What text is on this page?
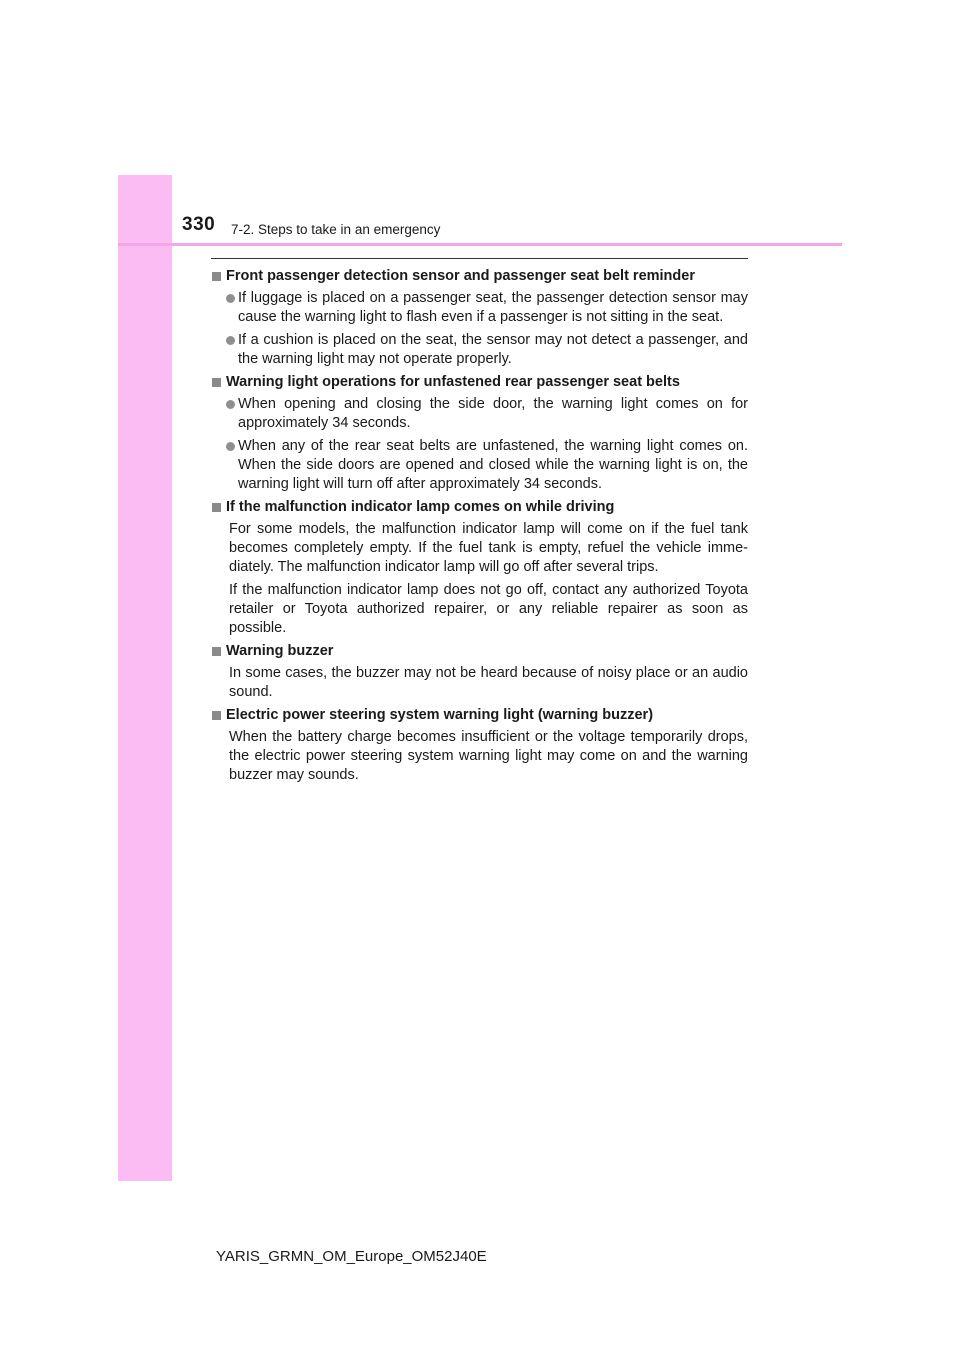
330 7-2. Steps to take in an emergency
Front passenger detection sensor and passenger seat belt reminder
If luggage is placed on a passenger seat, the passenger detection sensor may cause the warning light to flash even if a passenger is not sitting in the seat.
If a cushion is placed on the seat, the sensor may not detect a passenger, and the warning light may not operate properly.
Warning light operations for unfastened rear passenger seat belts
When opening and closing the side door, the warning light comes on for approximately 34 seconds.
When any of the rear seat belts are unfastened, the warning light comes on. When the side doors are opened and closed while the warning light is on, the warning light will turn off after approximately 34 seconds.
If the malfunction indicator lamp comes on while driving
For some models, the malfunction indicator lamp will come on if the fuel tank becomes completely empty. If the fuel tank is empty, refuel the vehicle imme-diately. The malfunction indicator lamp will go off after several trips.
If the malfunction indicator lamp does not go off, contact any authorized Toyota retailer or Toyota authorized repairer, or any reliable repairer as soon as possible.
Warning buzzer
In some cases, the buzzer may not be heard because of noisy place or an audio sound.
Electric power steering system warning light (warning buzzer)
When the battery charge becomes insufficient or the voltage temporarily drops, the electric power steering system warning light may come on and the warning buzzer may sounds.
YARIS_GRMN_OM_Europe_OM52J40E
